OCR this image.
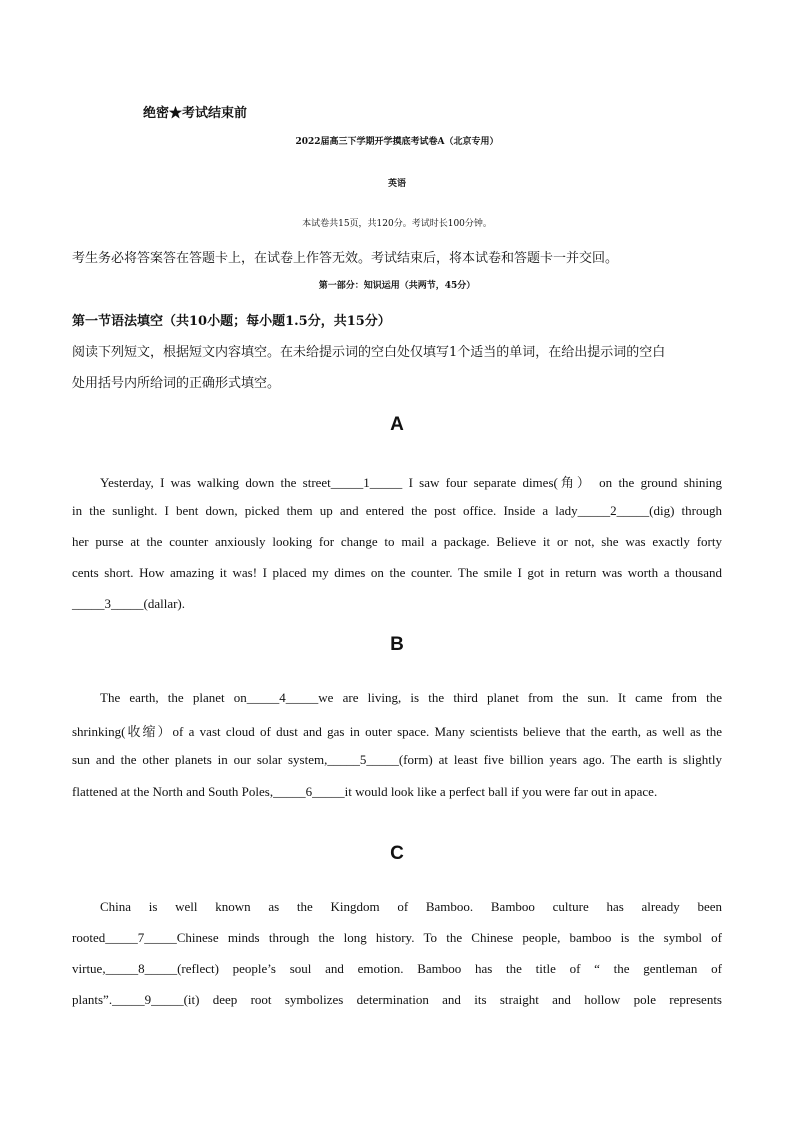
绝密★考试结束前
2022届高三下学期开学摸底考试卷A（北京专用）
英语
本试卷共15页，共120分。考试时长100分钟。
考生务必将答案答在答题卡上，在试卷上作答无效。考试结束后，将本试卷和答题卡一并交回。
第一部分：知识运用（共两节，45分）
第一节语法填空（共10小题；每小题1.5分，共15分）
阅读下列短文，根据短文内容填空。在未给提示词的空白处仅填写1个适当的单词，在给出提示词的空白
处用括号内所给词的正确形式填空。
A
Yesterday, I was walking down the street_____1_____ I saw four separate dimes(角） on the ground shining
in the sunlight. I bent down, picked them up and entered the post office. Inside a lady_____2_____(dig) through
her purse at the counter anxiously looking for change to mail a package. Believe it or not, she was exactly forty
cents short. How amazing it was! I placed my dimes on the counter. The smile I got in return was worth a thousand
_____3_____(dallar).
B
The earth, the planet on_____4_____we are living, is the third planet from the sun. It came from the
shrinking(收缩）of a vast cloud of dust and gas in outer space. Many scientists believe that the earth, as well as the
sun and the other planets in our solar system,_____5_____(form) at least five billion years ago. The earth is slightly
flattened at the North and South Poles,_____6_____it would look like a perfect ball if you were far out in apace.
C
China is well known as the Kingdom of Bamboo. Bamboo culture has already been
rooted_____7_____Chinese minds through the long history. To the Chinese people, bamboo is the symbol of
virtue,_____8_____(reflect) people’s soul and emotion. Bamboo has the title of “ the gentleman of
plants”._____9_____(it) deep root symbolizes determination and its straight and hollow pole represents
